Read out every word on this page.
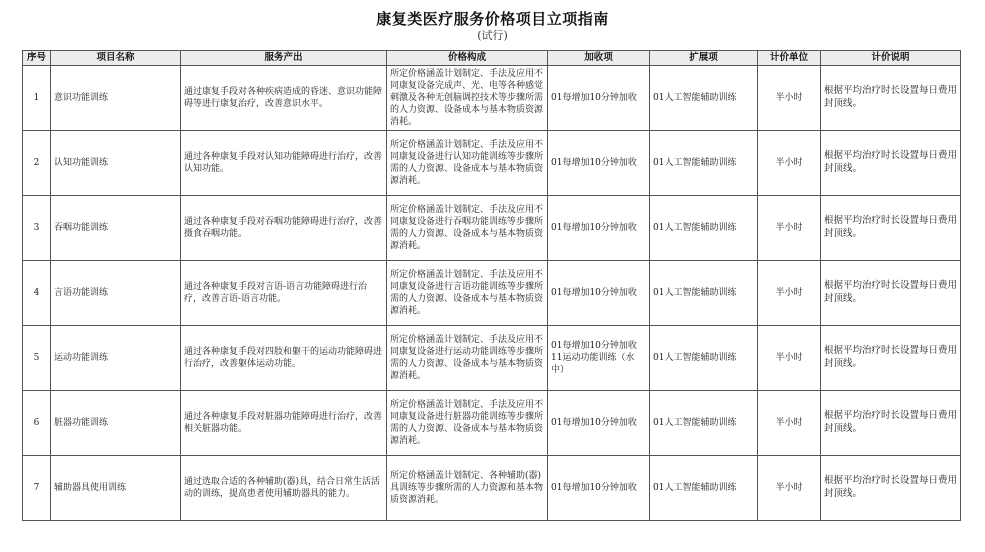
康复类医疗服务价格项目立项指南
(试行)
序号	项目名称	服务产出	价格构成	加收项	扩展项	计价单位	计价说明
1	意识功能训练	通过康复手段对各种疾病造成的昏迷、意识功能障碍等进行康复治疗，改善意识水平。	所定价格涵盖计划制定、手法及应用不同康复设备完成声、光、电等各种感觉刺激及各种无创脑调控技术等步骤所需的人力资源、设备成本与基本物质资源消耗。	01每增加10分钟加收	01人工智能辅助训练	半小时	根据平均治疗时长设置每日费用封顶线。
2	认知功能训练	通过各种康复手段对认知功能障碍进行治疗，改善认知功能。	所定价格涵盖计划制定、手法及应用不同康复设备进行认知功能训练等步骤所需的人力资源、设备成本与基本物质资源消耗。	01每增加10分钟加收	01人工智能辅助训练	半小时	根据平均治疗时长设置每日费用封顶线。
3	吞咽功能训练	通过各种康复手段对吞咽功能障碍进行治疗，改善摄食吞咽功能。	所定价格涵盖计划制定、手法及应用不同康复设备进行吞咽功能训练等步骤所需的人力资源、设备成本与基本物质资源消耗。	01每增加10分钟加收	01人工智能辅助训练	半小时	根据平均治疗时长设置每日费用封顶线。
4	言语功能训练	通过各种康复手段对言语-语言功能障碍进行治疗，改善言语-语言功能。	所定价格涵盖计划制定、手法及应用不同康复设备进行言语功能训练等步骤所需的人力资源、设备成本与基本物质资源消耗。	01每增加10分钟加收	01人工智能辅助训练	半小时	根据平均治疗时长设置每日费用封顶线。
5	运动功能训练	通过各种康复手段对四肢和躯干的运动功能障碍进行治疗，改善躯体运动功能。	所定价格涵盖计划制定、手法及应用不同康复设备进行运动功能训练等步骤所需的人力资源、设备成本与基本物质资源消耗。	01每增加10分钟加收 11运动功能训练（水中）	01人工智能辅助训练	半小时	根据平均治疗时长设置每日费用封顶线。
6	脏器功能训练	通过各种康复手段对脏器功能障碍进行治疗，改善相关脏器功能。	所定价格涵盖计划制定、手法及应用不同康复设备进行脏器功能训练等步骤所需的人力资源、设备成本与基本物质资源消耗。	01每增加10分钟加收	01人工智能辅助训练	半小时	根据平均治疗时长设置每日费用封顶线。
7	辅助器具使用训练	通过选取合适的各种辅助(器)具，结合日常生活活动的训练，提高患者使用辅助器具的能力。	所定价格涵盖计划制定、各种辅助(器)具训练等步骤所需的人力资源和基本物质资源消耗。	01每增加10分钟加收	01人工智能辅助训练	半小时	根据平均治疗时长设置每日费用封顶线。
